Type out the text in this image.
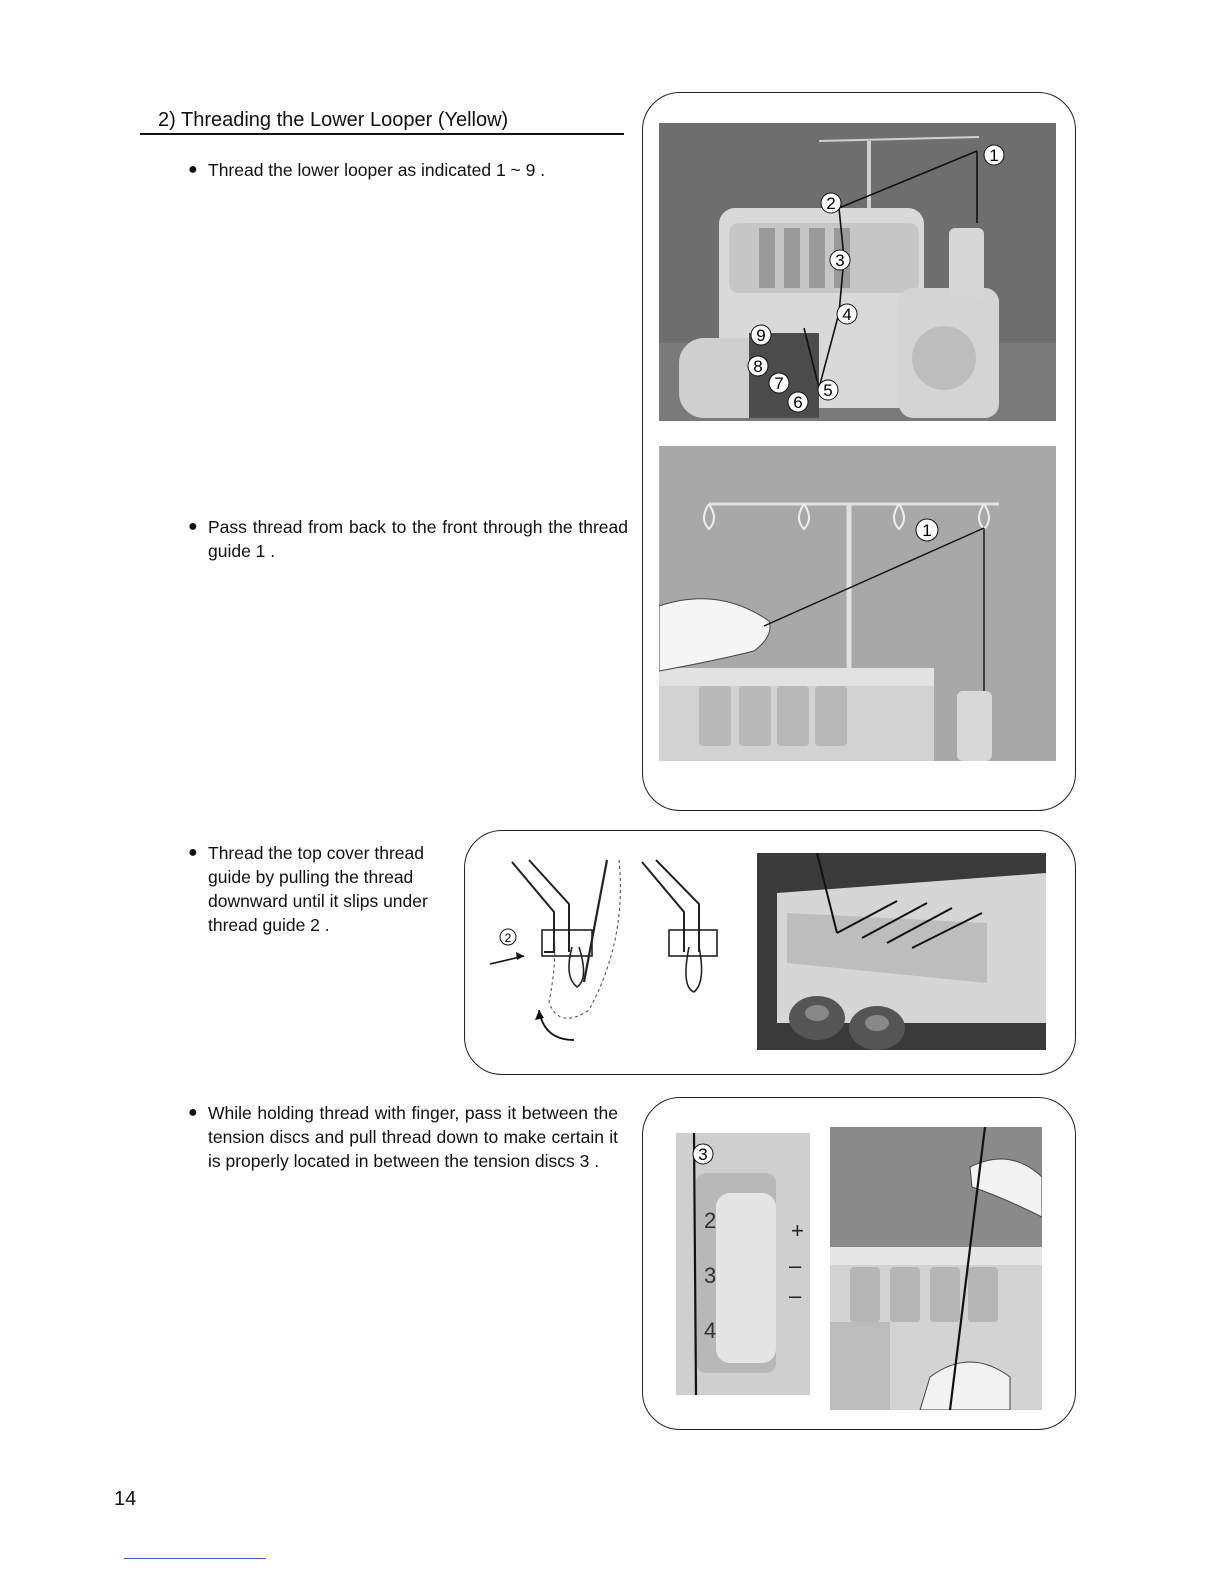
2) Threading the Lower Looper (Yellow)
● Thread the lower looper as indicated 1 ~ 9 .
● Pass thread from back to the front through the thread guide 1 .
● Thread the top cover thread guide by pulling the thread downward until it slips under thread guide 2 .
● While holding thread with finger, pass it between the tension discs and pull thread down to make certain it is properly located in between the tension discs 3 .
1
2
3
4
5
6
7
8
9
1
2
2
3
4
+
–
–
3
14
